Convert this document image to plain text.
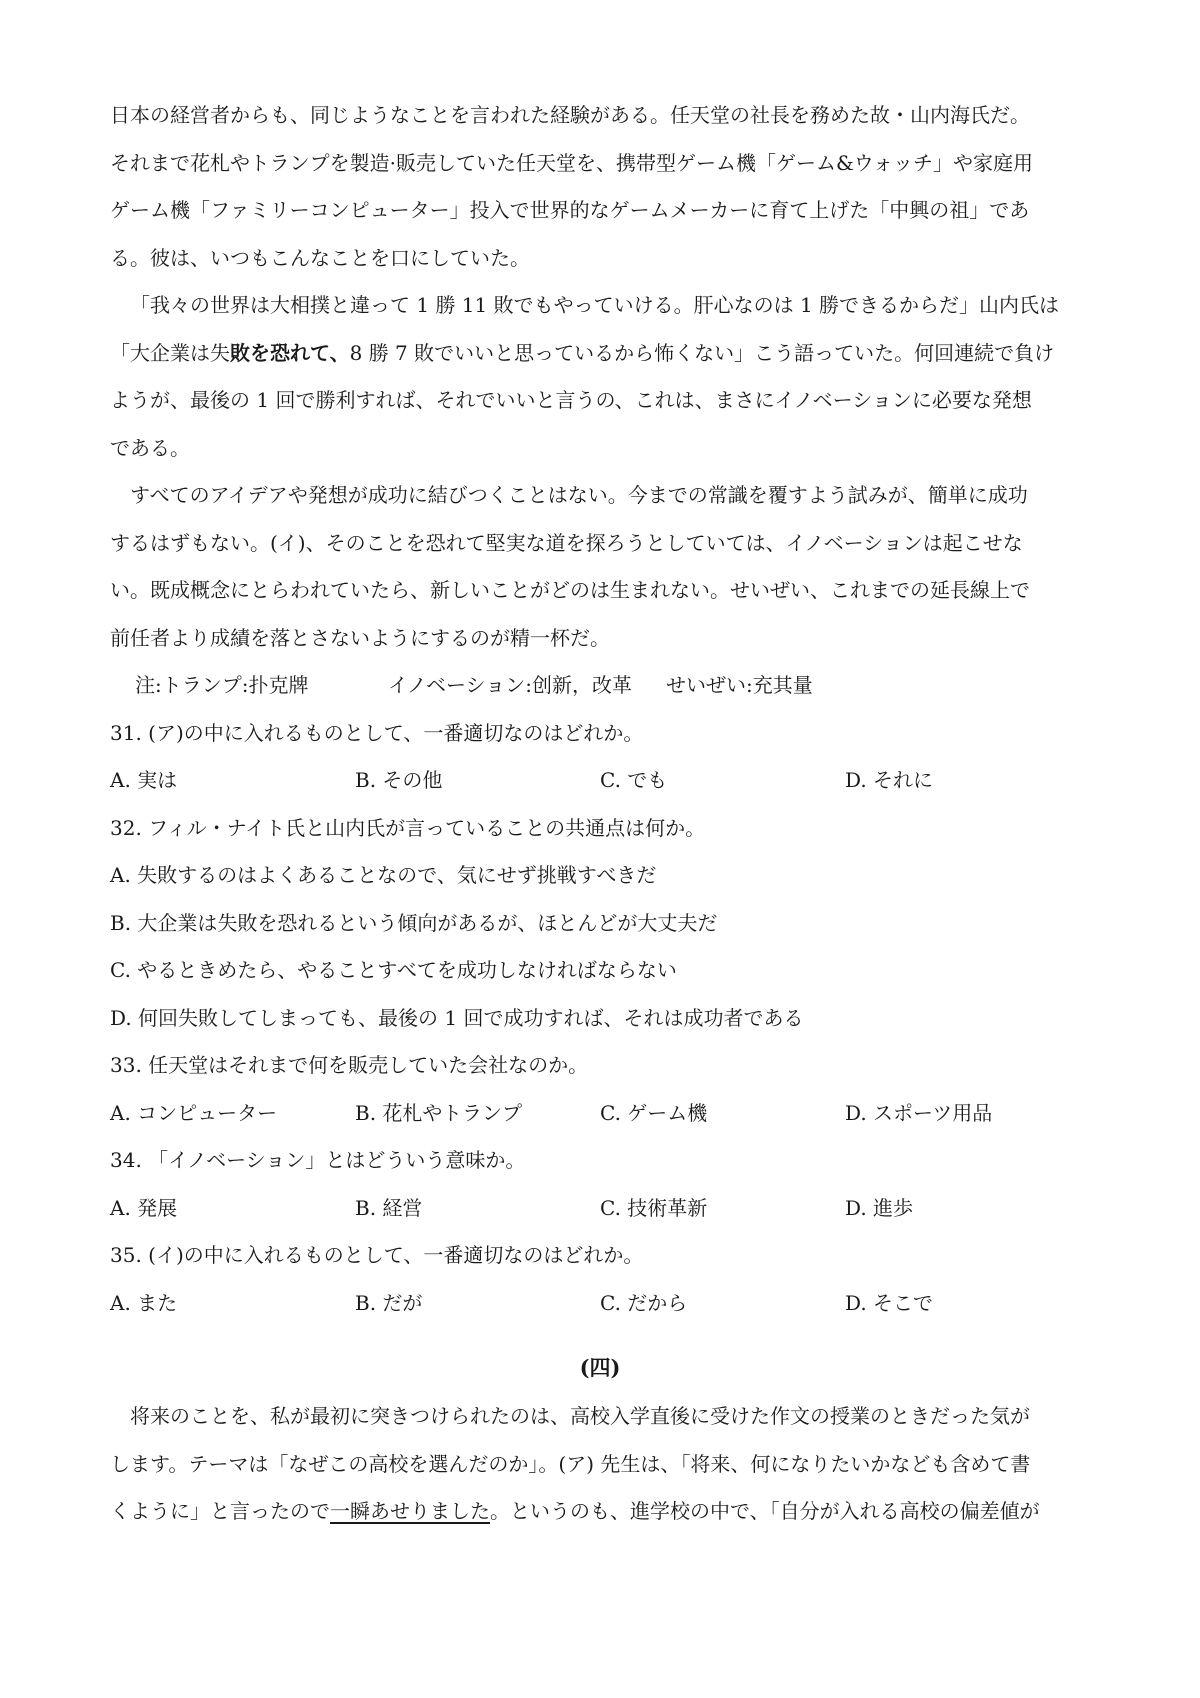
日本の経営者からも、同じようなことを言われた経験がある。任天堂の社長を務めた故・山内海氏だ。
それまで花札やトランプを製造·販売していた任天堂を、携帯型ゲーム機「ゲーム&ウォッチ」や家庭用
ゲーム機「ファミリーコンピューター」投入で世界的なゲームメーカーに育て上げた「中興の祖」であ
る。彼は、いつもこんなことを口にしていた。
「我々の世界は大相撲と違って 1 勝 11 敗でもやっていける。肝心なのは 1 勝できるからだ」山内氏は
「大企業は失敗を恐れて、8 勝 7 敗でいいと思っているから怖くない」こう語っていた。何回連続で負け
ようが、最後の 1 回で勝利すれば、それでいいと言うの、これは、まさにイノベーションに必要な発想
である。
すべてのアイデアや発想が成功に結びつくことはない。今までの常識を覆すよう試みが、簡単に成功
するはずもない。(イ)、そのことを恐れて堅実な道を探ろうとしていては、イノベーションは起こせな
い。既成概念にとらわれていたら、新しいことがどのは生まれない。せいぜい、これまでの延長線上で
前任者より成績を落とさないようにするのが精一杯だ。
注:トランプ:扑克牌	イノベーション:创新，改革 せいぜい:充其量
31. (ア)の中に入れるものとして、一番適切なのはどれか。
A. 実は	B. その他	C. でも	D. それに
32. フィル・ナイト氏と山内氏が言っていることの共通点は何か。
A. 失敗するのはよくあることなので、気にせず挑戦すべきだ
B. 大企業は失敗を恐れるという傾向があるが、ほとんどが大丈夫だ
C. やるときめたら、やることすべてを成功しなければならない
D. 何回失敗してしまっても、最後の 1 回で成功すれば、それは成功者である
33. 任天堂はそれまで何を販売していた会社なのか。
A. コンピューター	B. 花札やトランプ	C. ゲーム機	D. スポーツ用品
34. 「イノベーション」とはどういう意味か。
A. 発展	B. 経営	C. 技術革新	D. 進歩
35. (イ)の中に入れるものとして、一番適切なのはどれか。
A. また	B. だが	C. だから	D. そこで
(四)
将来のことを、私が最初に突きつけられたのは、高校入学直後に受けた作文の授業のときだった気が
します。テーマは「なぜこの高校を選んだのか」。(ア) 先生は、「将来、何になりたいかなども含めて書
くように」と言ったので一瞬あせりました。というのも、進学校の中で、「自分が入れる高校の偏差値が
